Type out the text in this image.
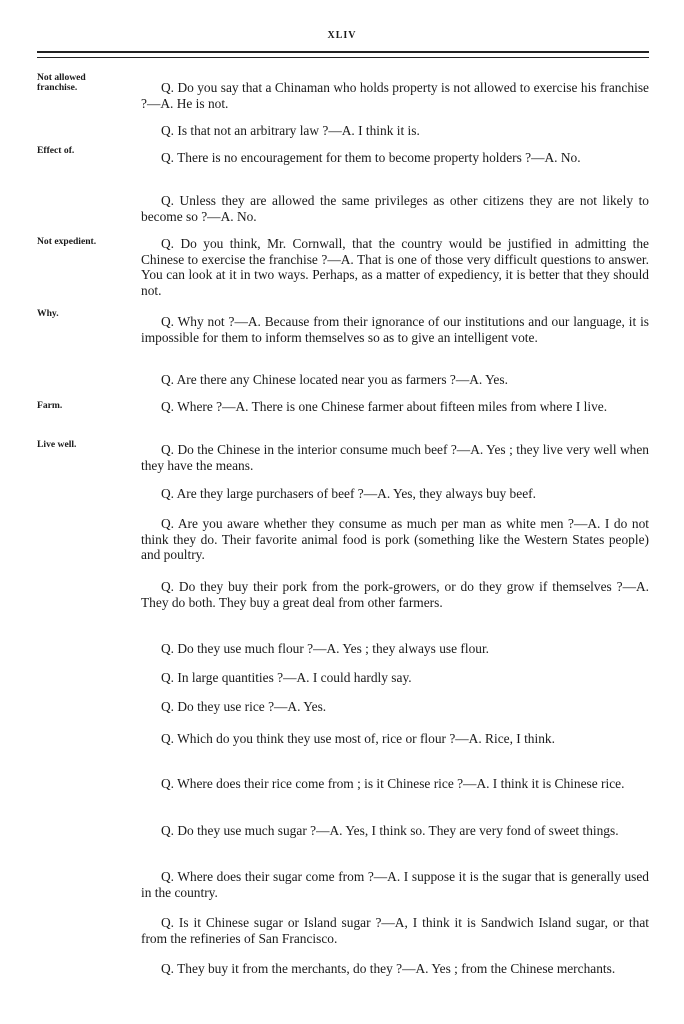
XLIV
Not allowed franchise.
Effect of.
Not expedient.
Why.
Farm.
Live well.

Q. Do you say that a Chinaman who holds property is not allowed to exercise his franchise ?—A. He is not.

Q. Is that not an arbitrary law ?—A. I think it is.

Q. There is no encouragement for them to become property holders ?—A. No.

Q. Unless they are allowed the same privileges as other citizens they are not likely to become so ?—A. No.

Q. Do you think, Mr. Cornwall, that the country would be justified in admitting the Chinese to exercise the franchise ?—A. That is one of those very difficult questions to answer. You can look at it in two ways. Perhaps, as a matter of expediency, it is better that they should not.

Q. Why not ?—A. Because from their ignorance of our institutions and our language, it is impossible for them to inform themselves so as to give an intelligent vote.

Q. Are there any Chinese located near you as farmers ?—A. Yes.

Q. Where ?—A. There is one Chinese farmer about fifteen miles from where I live.

Q. Do the Chinese in the interior consume much beef ?—A. Yes ; they live very well when they have the means.

Q. Are they large purchasers of beef ?—A. Yes, they always buy beef.

Q. Are you aware whether they consume as much per man as white men ?—A. I do not think they do. Their favorite animal food is pork (something like the Western States people) and poultry.

Q. Do they buy their pork from the pork-growers, or do they grow if themselves ?—A. They do both. They buy a great deal from other farmers.

Q. Do they use much flour ?—A. Yes ; they always use flour.

Q. In large quantities ?—A. I could hardly say.

Q. Do they use rice ?—A. Yes.

Q. Which do you think they use most of, rice or flour ?—A. Rice, I think.

Q. Where does their rice come from ; is it Chinese rice ?—A. I think it is Chinese rice.

Q. Do they use much sugar ?—A. Yes, I think so. They are very fond of sweet things.

Q. Where does their sugar come from ?—A. I suppose it is the sugar that is generally used in the country.

Q. Is it Chinese sugar or Island sugar ?—A, I think it is Sandwich Island sugar, or that from the refineries of San Francisco.

Q. They buy it from the merchants, do they ?—A. Yes ; from the Chinese merchants.
